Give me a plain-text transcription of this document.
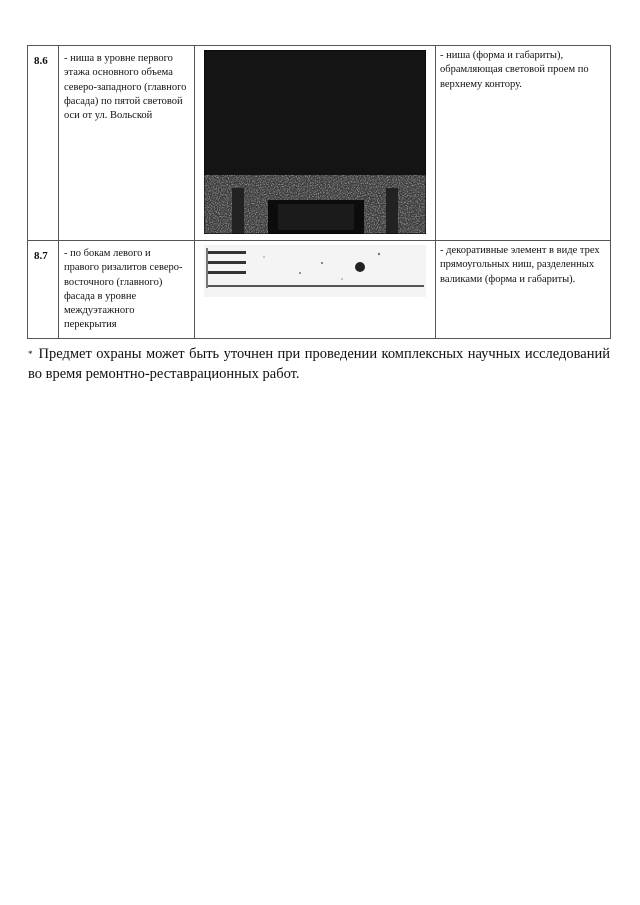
8.6	- ниша в уровне первого этажа основного объема северо-западного (главного фасада) по пятой световой оси от ул. Вольской		- ниша (форма и габариты), обрамляющая световой проем по верхнему контору.

8.7	- по бокам левого и правого ризалитов северо-восточного (главного) фасада в уровне междуэтажного перекрытия		- декоративные элемент в виде трех прямоугольных ниш, разделенных валиками (форма и габариты).
* Предмет охраны может быть уточнен при проведении комплексных научных исследований во время ремонтно-реставрационных работ.
